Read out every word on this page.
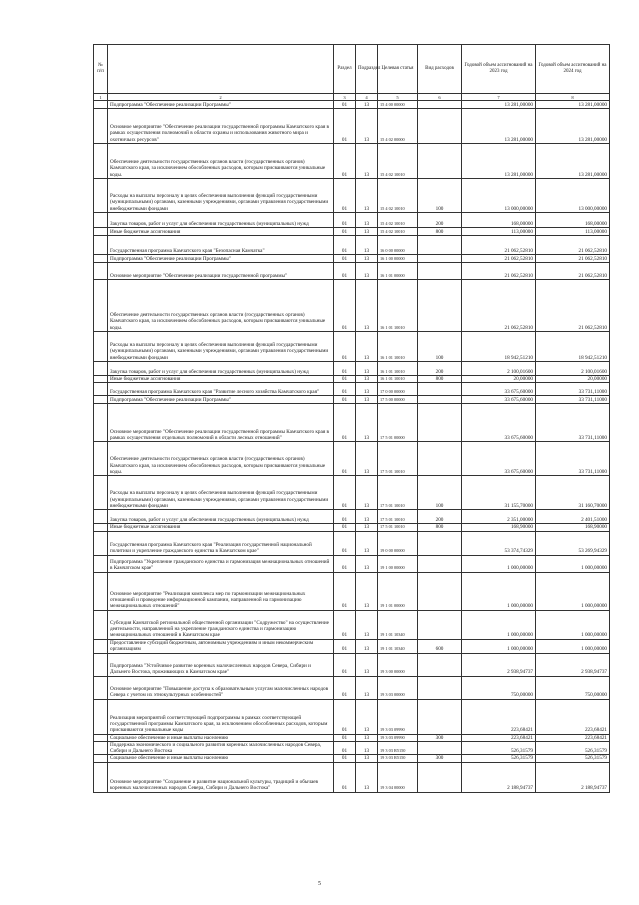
№ п/п		Раздел	Подраздел	Целевая статья	Вид расходов	Годовой объем ассигнований на 2023 год	Годовой объем ассигнований на 2024 год
1	2	3	4	5	6	7	8
	Подпрограмма "Обеспечение реализации Программы"	01	13	15 4 00 00000		13 281,00000	13 281,00000
	Основное мероприятие "Обеспечение реализации государственной программы Камчатского края в рамках осуществления полномочий в области охраны и использования животного мира и охотничьих ресурсов"	01	13	15 4 02 00000		13 281,00000	13 281,00000
	Обеспечение деятельности государственных органов власти (государственных органов) Камчатского края, за исключением обособленных расходов, которым присваиваются уникальные коды.	01	13	15 4 02 10010		13 281,00000	13 281,00000
	Расходы на выплаты персоналу в целях обеспечения выполнения функций государственными (муниципальными) органами, казенными учреждениями, органами управления государственными внебюджетными фондами	01	13	15 4 02 10010	100	13 000,00000	13 000,00000
	Закупка товаров, работ и услуг для обеспечения государственных (муниципальных) нужд	01	13	15 4 02 10010	200	168,00000	168,00000
	Иные бюджетные ассигнования	01	13	15 4 02 10010	800	113,00000	113,00000
	Государственная программа Камчатского края "Безопасная Камчатка"	01	13	16 0 00 00000		21 062,52810	21 062,52810
	Подпрограмма "Обеспечение реализации Программы"	01	13	16 1 00 00000		21 062,52810	21 062,52810
	Основное мероприятие "Обеспечение реализации государственной программы"	01	13	16 1 01 00000		21 062,52810	21 062,52810
	Обеспечение деятельности государственных органов власти (государственных органов) Камчатского края, за исключением обособленных расходов, которым присваиваются уникальные коды.	01	13	16 1 01 10010		21 062,52810	21 062,52810
	Расходы на выплаты персоналу в целях обеспечения выполнения функций государственными (муниципальными) органами, казенными учреждениями, органами управления государственными внебюджетными фондами	01	13	16 1 01 10010	100	18 942,51210	18 942,51210
	Закупка товаров, работ и услуг для обеспечения государственных (муниципальных) нужд	01	13	16 1 01 10010	200	2 100,01600	2 100,01600
	Иные бюджетные ассигнования	01	13	16 1 01 10010	800	20,00000	20,00000
	Государственная программа Камчатского края "Развитие лесного хозяйства Камчатского края"	01	13	17 0 00 00000		33 675,60000	33 731,11000
	Подпрограмма "Обеспечение реализации Программы"	01	13	17 5 00 00000		33 675,60000	33 731,11000
	Основное мероприятие "Обеспечение реализации государственной программы Камчатского края в рамках осуществления отдельных полномочий в области лесных отношений"	01	13	17 5 01 00000		33 675,60000	33 731,11000
	Обеспечение деятельности государственных органов власти (государственных органов) Камчатского края, за исключением обособленных расходов, которым присваиваются уникальные коды.	01	13	17 5 01 10010		33 675,60000	33 731,11000
	Расходы на выплаты персоналу в целях обеспечения выполнения функций государственными (муниципальными) органами, казенными учреждениями, органами управления государственными внебюджетными фондами	01	13	17 5 01 10010	100	31 155,70000	31 160,70000
	Закупка товаров, работ и услуг для обеспечения государственных (муниципальных) нужд	01	13	17 5 01 10010	200	2 351,00000	2 401,51000
	Иные бюджетные ассигнования	01	13	17 5 01 10010	800	168,90000	168,90000
	Государственная программа Камчатского края "Реализация государственной национальной политики и укрепление гражданского единства в Камчатском крае"	01	13	19 0 00 00000		53 374,74329	53 269,94329
	Подпрограмма "Укрепление гражданского единства и гармонизация межнациональных отношений в Камчатском крае"	01	13	19 1 00 00000		1 000,00000	1 000,00000
	Основное мероприятие "Реализация комплекса мер по гармонизации межнациональных отношений и проведение информационной кампании, направленной на гармонизацию межнациональных отношений"	01	13	19 1 01 00000		1 000,00000	1 000,00000
	Субсидия Камчатской региональной общественной организации "Содружество" на осуществление деятельности, направленной на укрепление гражданского единства и гармонизацию межнациональных отношений в Камчатском крае	01	13	19 1 01 10340		1 000,00000	1 000,00000
	Предоставление субсидий бюджетным, автономным учреждениям и иным некоммерческим организациям	01	13	19 1 01 10340	600	1 000,00000	1 000,00000
	Подпрограмма "Устойчивое развитие коренных малочисленных народов Севера, Сибири и Дальнего Востока, проживающих в Камчатском крае"	01	13	19 3 00 00000		2 938,94737	2 938,94737
	Основное мероприятие "Повышение доступа к образовательным услугам малочисленных народов Севера с учетом их этнокультурных особенностей"	01	13	19 3 03 00000		750,00000	750,00000
	Реализация мероприятий соответствующей подпрограммы в рамках соответствующей государственной программы Камчатского края, за исключением обособленных расходов, которым присваиваются уникальные коды	01	13	19 3 03 09990		223,68421	223,68421
	Социальное обеспечение и иные выплаты населению	01	13	19 3 03 09990	300	223,68421	223,68421
	Поддержка экономического и социального развития коренных малочисленных народов Севера, Сибири и Дальнего Востока	01	13	19 3 03 R5150		526,31579	526,31579
	Социальное обеспечение и иные выплаты населению	01	13	19 3 03 R5150	300	526,31579	526,31579
	Основное мероприятие "Сохранение и развитие национальной культуры, традиций и обычаев коренных малочисленных народов Севера, Сибири и Дальнего Востока"	01	13	19 3 04 00000		2 188,94737	2 188,94737
5
